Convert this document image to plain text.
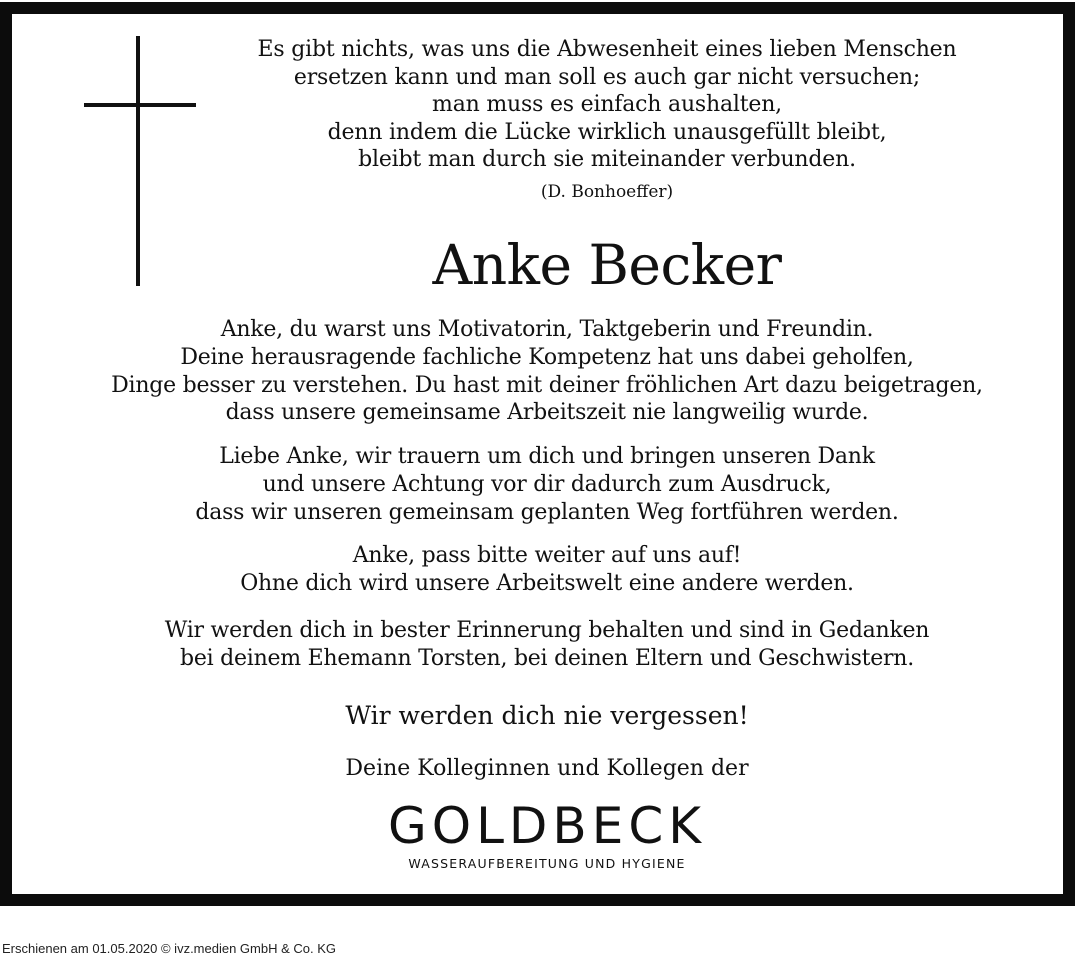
Es gibt nichts, was uns die Abwesenheit eines lieben Menschen
ersetzen kann und man soll es auch gar nicht versuchen;
man muss es einfach aushalten,
denn indem die Lücke wirklich unausgefüllt bleibt,
bleibt man durch sie miteinander verbunden.
(D. Bonhoeffer)
Anke Becker
Anke, du warst uns Motivatorin, Taktgeberin und Freundin.
Deine herausragende fachliche Kompetenz hat uns dabei geholfen,
Dinge besser zu verstehen. Du hast mit deiner fröhlichen Art dazu beigetragen,
dass unsere gemeinsame Arbeitszeit nie langweilig wurde.
Liebe Anke, wir trauern um dich und bringen unseren Dank
und unsere Achtung vor dir dadurch zum Ausdruck,
dass wir unseren gemeinsam geplanten Weg fortführen werden.
Anke, pass bitte weiter auf uns auf!
Ohne dich wird unsere Arbeitswelt eine andere werden.
Wir werden dich in bester Erinnerung behalten und sind in Gedanken
bei deinem Ehemann Torsten, bei deinen Eltern und Geschwistern.
Wir werden dich nie vergessen!
Deine Kolleginnen und Kollegen der
GOLDBECK
WASSERAUFBEREITUNG UND HYGIENE
Erschienen am 01.05.2020 © ivz.medien GmbH & Co. KG
